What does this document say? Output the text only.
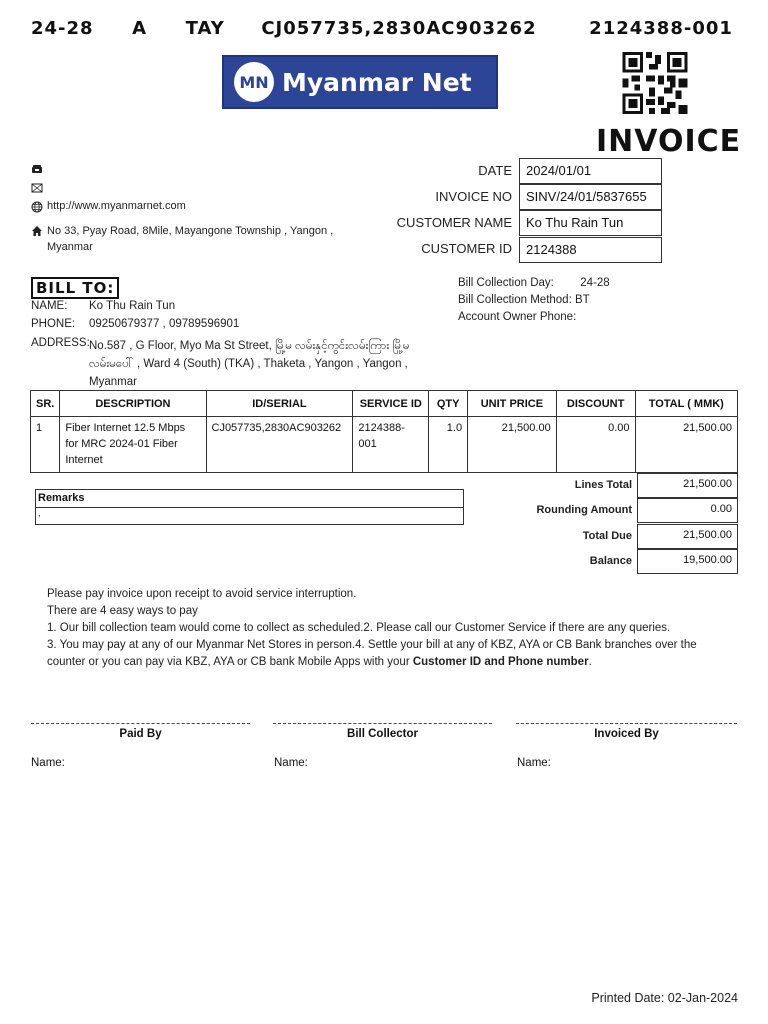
24-28 A TAY CJ057735,2830AC903262	2124388-001
MN Myanmar Net
INVOICE
http://www.myanmarnet.com
No 33, Pyay Road, 8Mile, Mayangone Township , Yangon ,
Myanmar
DATE	2024/01/01
INVOICE NO	SINV/24/01/5837655
CUSTOMER NAME	Ko Thu Rain Tun
CUSTOMER ID	2124388
BILL TO:
NAME: Ko Thu Rain Tun
PHONE: 09250679377 , 09789596901
ADDRESS: No.587 , G Floor, Myo Ma St Street, မြို့မ လမ်းနှင့်ကွင်းလမ်းကြား မြို့မ
လမ်းမပေါ် , Ward 4 (South) (TKA) , Thaketa , Yangon , Yangon ,
Myanmar
Bill Collection Day: 24-28
Bill Collection Method: BT
Account Owner Phone:
SR.	DESCRIPTION	ID/SERIAL	SERVICE ID	QTY	UNIT PRICE	DISCOUNT	TOTAL ( MMK)
1	Fiber Internet 12.5 Mbps for MRC 2024-01 Fiber Internet	CJ057735,2830AC903262	2124388-001	1.0	21,500.00	0.00	21,500.00
Remarks
,
Lines Total	21,500.00
Rounding Amount	0.00
Total Due	21,500.00
Balance	19,500.00
Please pay invoice upon receipt to avoid service interruption.
There are 4 easy ways to pay
1. Our bill collection team would come to collect as scheduled.2. Please call our Customer Service if there are any queries.
3. You may pay at any of our Myanmar Net Stores in person.4. Settle your bill at any of KBZ, AYA or CB Bank branches over the
counter or you can pay via KBZ, AYA or CB bank Mobile Apps with your Customer ID and Phone number.
Paid By	Bill Collector	Invoiced By
Name:	Name:	Name:
Printed Date: 02-Jan-2024
